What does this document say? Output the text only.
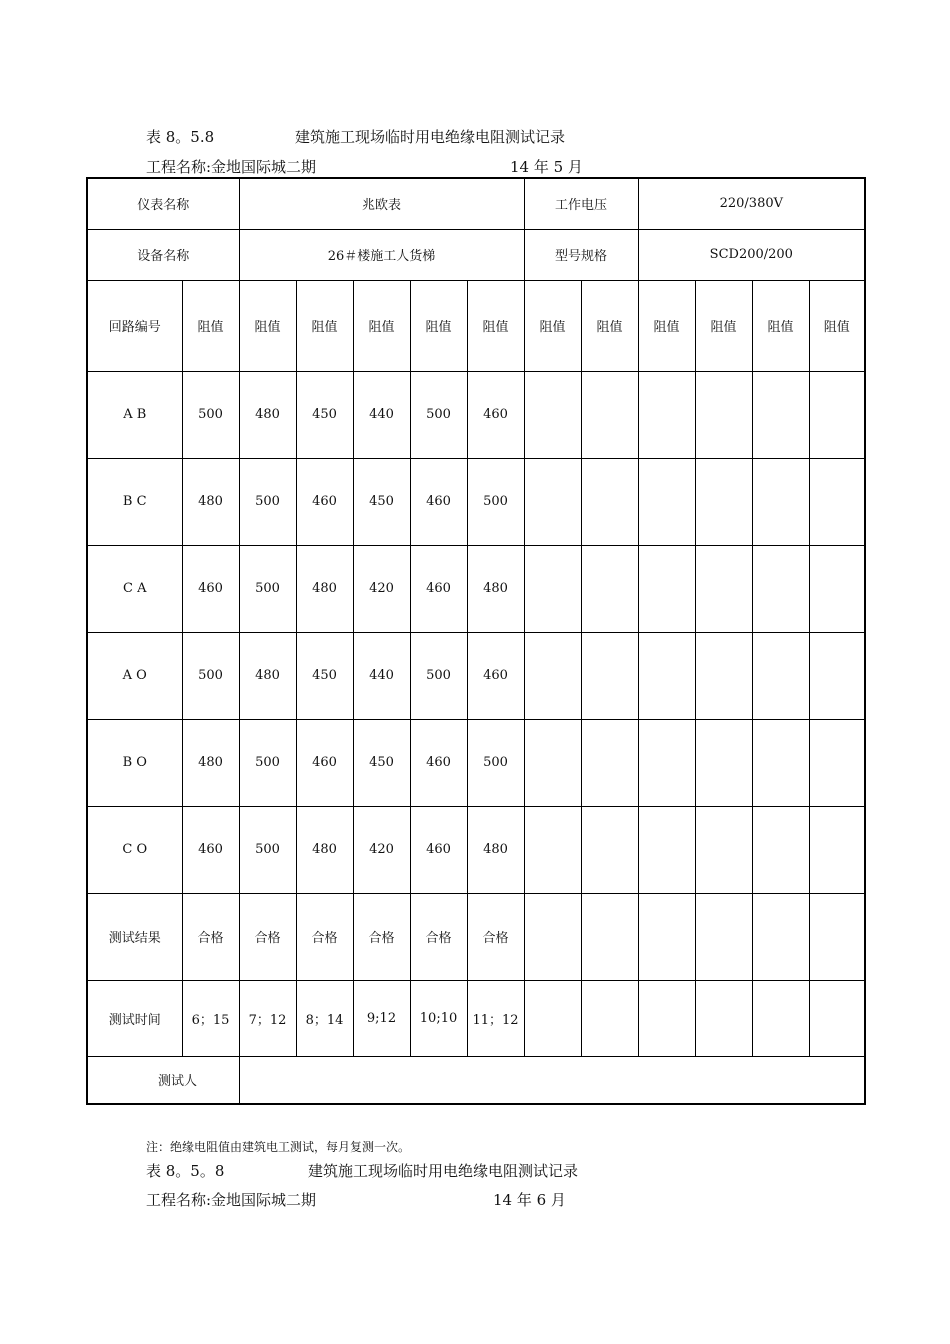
表 8。5.8	建筑施工现场临时用电绝缘电阻测试记录
工程名称:金地国际城二期	14 年 5 月
仪表名称		兆欧表					工作电压		220/380V			
设备名称		26＃楼施工人货梯					型号规格		SCD200/200			
回路编号	阻值	阻值	阻值	阻值	阻值	阻值	阻值	阻值	阻值	阻值	阻值	阻值
A B	500	480	450	440	500	460						
B C	480	500	460	450	460	500						
C A	460	500	480	420	460	480						
A O	500	480	450	440	500	460						
B O	480	500	460	450	460	500						
C O	460	500	480	420	460	480						
测试结果	合格	合格	合格	合格	合格	合格						
测试时间	6；15	7；12	8；14	9;12	10;10	11；12						
测试人												
注：绝缘电阻值由建筑电工测试，每月复测一次。
表 8。5。8	建筑施工现场临时用电绝缘电阻测试记录
工程名称:金地国际城二期	14 年 6 月
